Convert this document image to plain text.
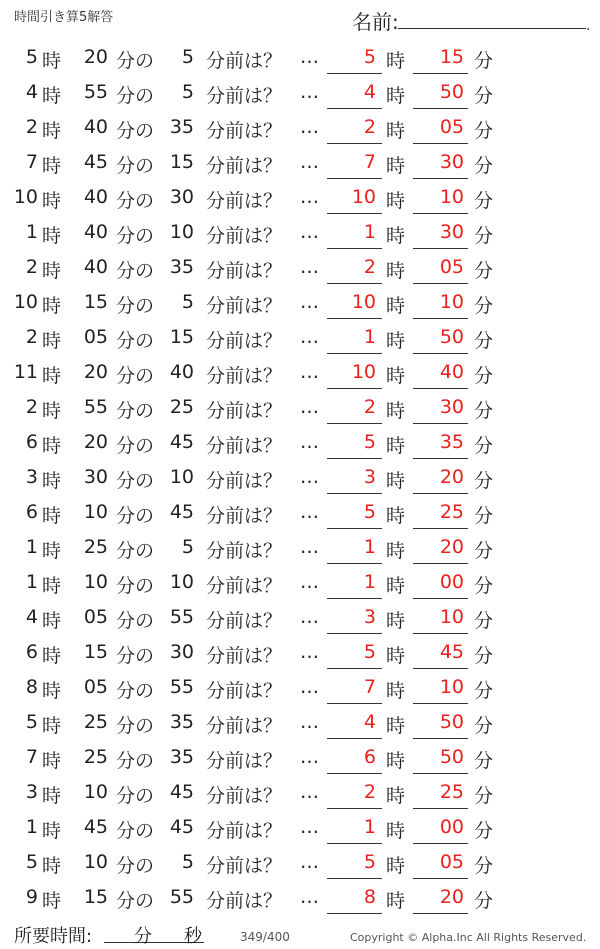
時間引き算5解答	名前:	.
5 時	20 分の	5 分前は？ …	5 時	15 分
4 時	55 分の	5 分前は？ …	4 時	50 分
2 時	40 分の 35 分前は？ …	2 時	05 分
7 時	45 分の 15 分前は？ …	7 時	30 分
10 時	40 分の 30 分前は？ …	10 時	10 分
1 時	40 分の 10 分前は？ …	1 時	30 分
2 時	40 分の 35 分前は？ …	2 時	05 分
10 時	15 分の	5 分前は？ …	10 時	10 分
2 時	05 分の 15 分前は？ …	1 時	50 分
11 時	20 分の 40 分前は？ …	10 時	40 分
2 時	55 分の 25 分前は？ …	2 時	30 分
6 時	20 分の 45 分前は？ …	5 時	35 分
3 時	30 分の 10 分前は？ …	3 時	20 分
6 時	10 分の 45 分前は？ …	5 時	25 分
1 時	25 分の	5 分前は？ …	1 時	20 分
1 時	10 分の 10 分前は？ …	1 時	00 分
4 時	05 分の 55 分前は？ …	3 時	10 分
6 時	15 分の 30 分前は？ …	5 時	45 分
8 時	05 分の 55 分前は？ …	7 時	10 分
5 時	25 分の 35 分前は？ …	4 時	50 分
7 時	25 分の 35 分前は？ …	6 時	50 分
3 時	10 分の 45 分前は？ …	2 時	25 分
1 時	45 分の 45 分前は？ …	1 時	00 分
5 時	10 分の	5 分前は？ …	5 時	05 分
9 時	15 分の 55 分前は？ …	8 時	20 分
所要時間: 分 秒	349/400	Copyright © Alpha.Inc All Rights Reserved.
